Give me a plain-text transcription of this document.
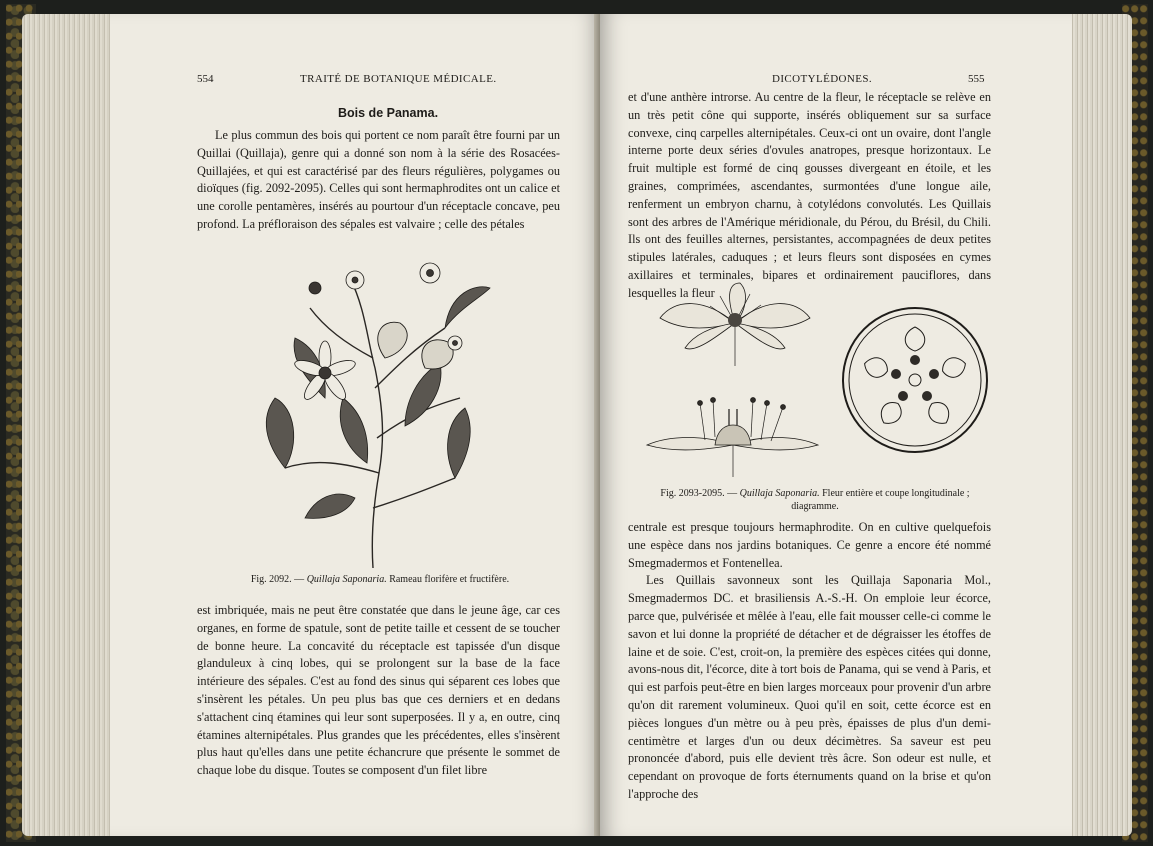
554	TRAITÉ DE BOTANIQUE MÉDICALE.
Bois de Panama.

Le plus commun des bois qui portent ce nom paraît être fourni par un Quillai (Quillaja), genre qui a donné son nom à la série des Rosacées-Quillajées, et qui est caractérisé par des fleurs régulières, polygames ou dioïques (fig. 2092-2095). Celles qui sont hermaphrodites ont un calice et une corolle pentamères, insérés au pourtour d'un réceptacle concave, peu profond. La préfloraison des sépales est valvaire ; celle des pétales

Fig. 2092. — Quillaja Saponaria. Rameau florifère et fructifère.

est imbriquée, mais ne peut être constatée que dans le jeune âge, car ces organes, en forme de spatule, sont de petite taille et cessent de se toucher de bonne heure. La concavité du réceptacle est tapissée d'un disque glanduleux à cinq lobes, qui se prolongent sur la base de la face intérieure des sépales. C'est au fond des sinus qui séparent ces lobes que s'insèrent les pétales. Un peu plus bas que ces derniers et en dedans s'attachent cinq étamines qui leur sont superposées. Il y a, en outre, cinq étamines alternipétales. Plus grandes que les précédentes, elles s'insèrent plus haut qu'elles dans une petite échancrure que présente le sommet de chaque lobe du disque. Toutes se composent d'un filet libre

DICOTYLÉDONES.	555

et d'une anthère introrse. Au centre de la fleur, le réceptacle se relève en un très petit cône qui supporte, insérés obliquement sur sa surface convexe, cinq carpelles alternipétales. Ceux-ci ont un ovaire, dont l'angle interne porte deux séries d'ovules anatropes, presque horizontaux. Le fruit multiple est formé de cinq gousses divergeant en étoile, et les graines, comprimées, ascendantes, surmontées d'une longue aile, renferment un embryon charnu, à cotylédons convolutés. Les Quillais sont des arbres de l'Amérique méridionale, du Pérou, du Brésil, du Chili. Ils ont des feuilles alternes, persistantes, accompagnées de deux petites stipules latérales, caduques ; et leurs fleurs sont disposées en cymes axillaires et terminales, bipares et ordinairement pauciflores, dans lesquelles la fleur

Fig. 2093-2095. — Quillaja Saponaria. Fleur entière et coupe longitudinale ; diagramme.

centrale est presque toujours hermaphrodite. On en cultive quelquefois une espèce dans nos jardins botaniques. Ce genre a encore été nommé Smegmadermos et Fontenellea.

Les Quillais savonneux sont les Quillaja Saponaria Mol., Smegmadermos DC. et brasiliensis A.-S.-H. On emploie leur écorce, parce que, pulvérisée et mêlée à l'eau, elle fait mousser celle-ci comme le savon et lui donne la propriété de détacher et de dégraisser les étoffes de laine et de soie. C'est, croit-on, la première des espèces citées qui donne, avons-nous dit, l'écorce, dite à tort bois de Panama, qui se vend à Paris, et qui est parfois peut-être en bien larges morceaux pour provenir d'un arbre qu'on dit rarement volumineux. Quoi qu'il en soit, cette écorce est en pièces longues d'un mètre ou à peu près, épaisses de plus d'un demi-centimètre et larges d'un ou deux décimètres. Sa saveur est peu prononcée d'abord, puis elle devient très âcre. Son odeur est nulle, et cependant on provoque de forts éternuments quand on la brise et qu'on l'approche des
